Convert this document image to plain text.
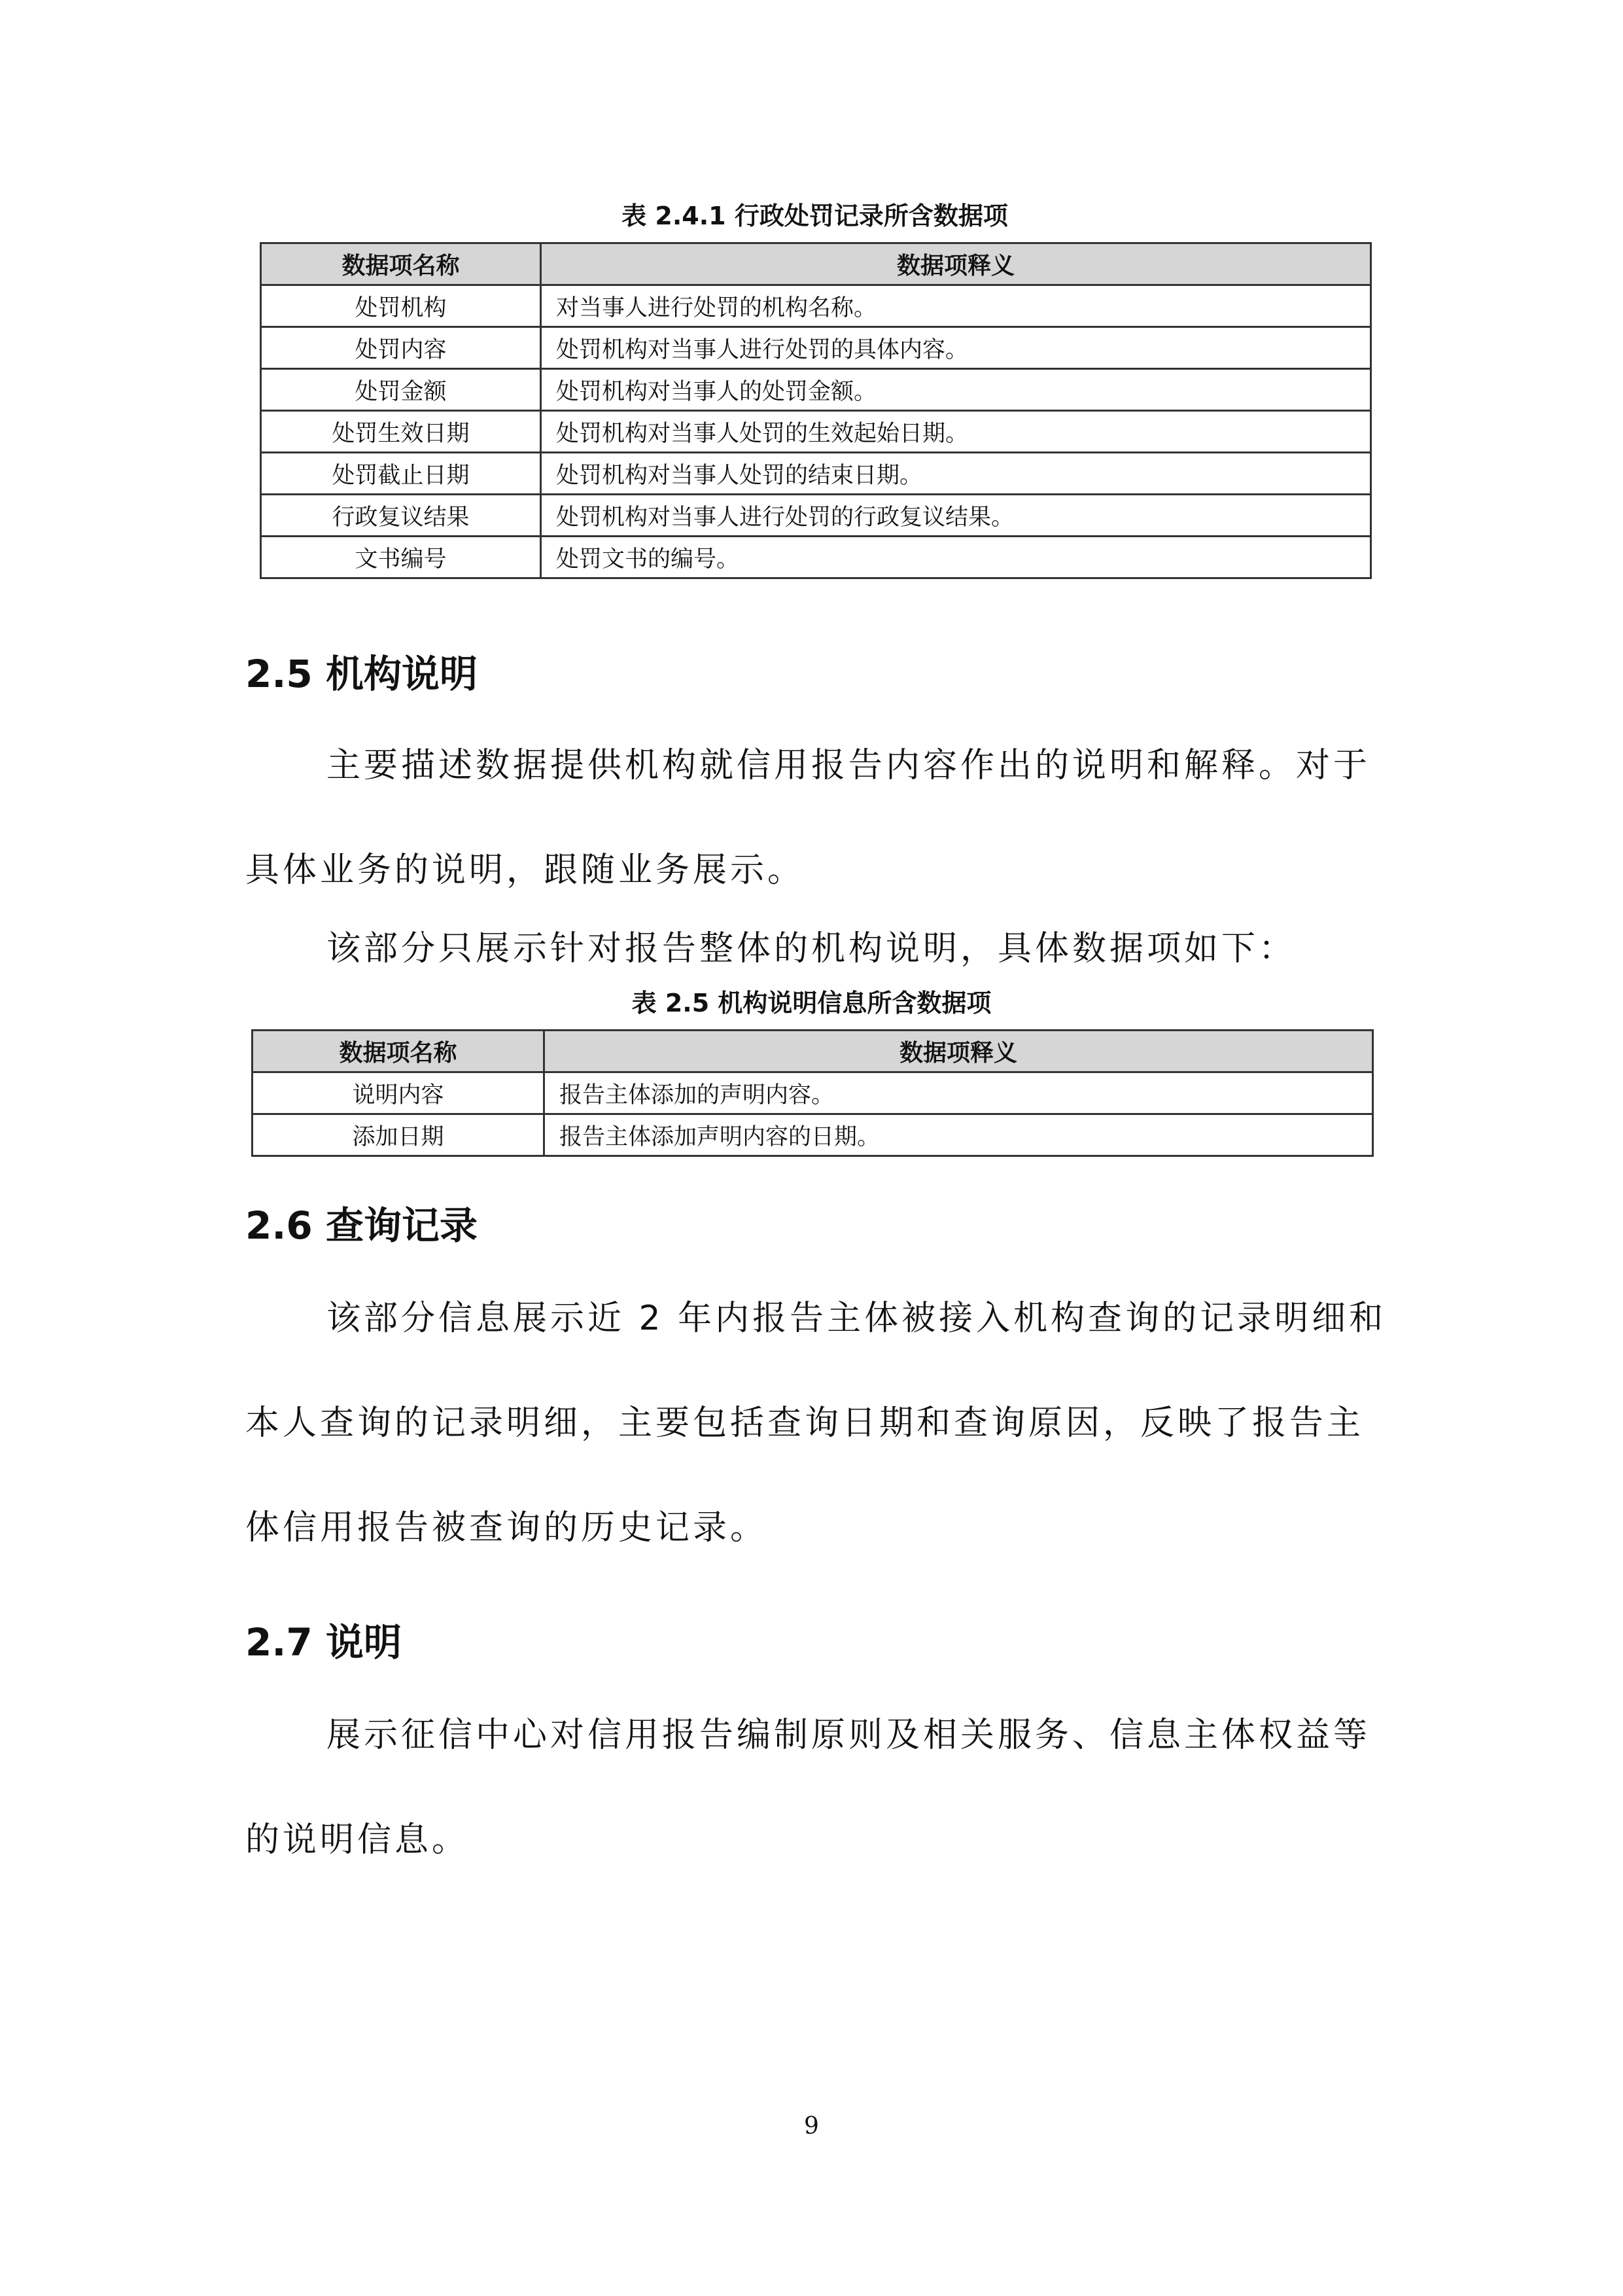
表 2.4.1 行政处罚记录所含数据项
数据项名称	数据项释义
处罚机构	对当事人进行处罚的机构名称。
处罚内容	处罚机构对当事人进行处罚的具体内容。
处罚金额	处罚机构对当事人的处罚金额。
处罚生效日期	处罚机构对当事人处罚的生效起始日期。
处罚截止日期	处罚机构对当事人处罚的结束日期。
行政复议结果	处罚机构对当事人进行处罚的行政复议结果。
文书编号	处罚文书的编号。
2.5 机构说明

主要描述数据提供机构就信用报告内容作出的说明和解释。对于具体业务的说明，跟随业务展示。

该部分只展示针对报告整体的机构说明，具体数据项如下：

表 2.5 机构说明信息所含数据项
数据项名称	数据项释义
说明内容	报告主体添加的声明内容。
添加日期	报告主体添加声明内容的日期。
2.6 查询记录

该部分信息展示近 2 年内报告主体被接入机构查询的记录明细和本人查询的记录明细，主要包括查询日期和查询原因，反映了报告主体信用报告被查询的历史记录。

2.7 说明

展示征信中心对信用报告编制原则及相关服务、信息主体权益等的说明信息。

9
